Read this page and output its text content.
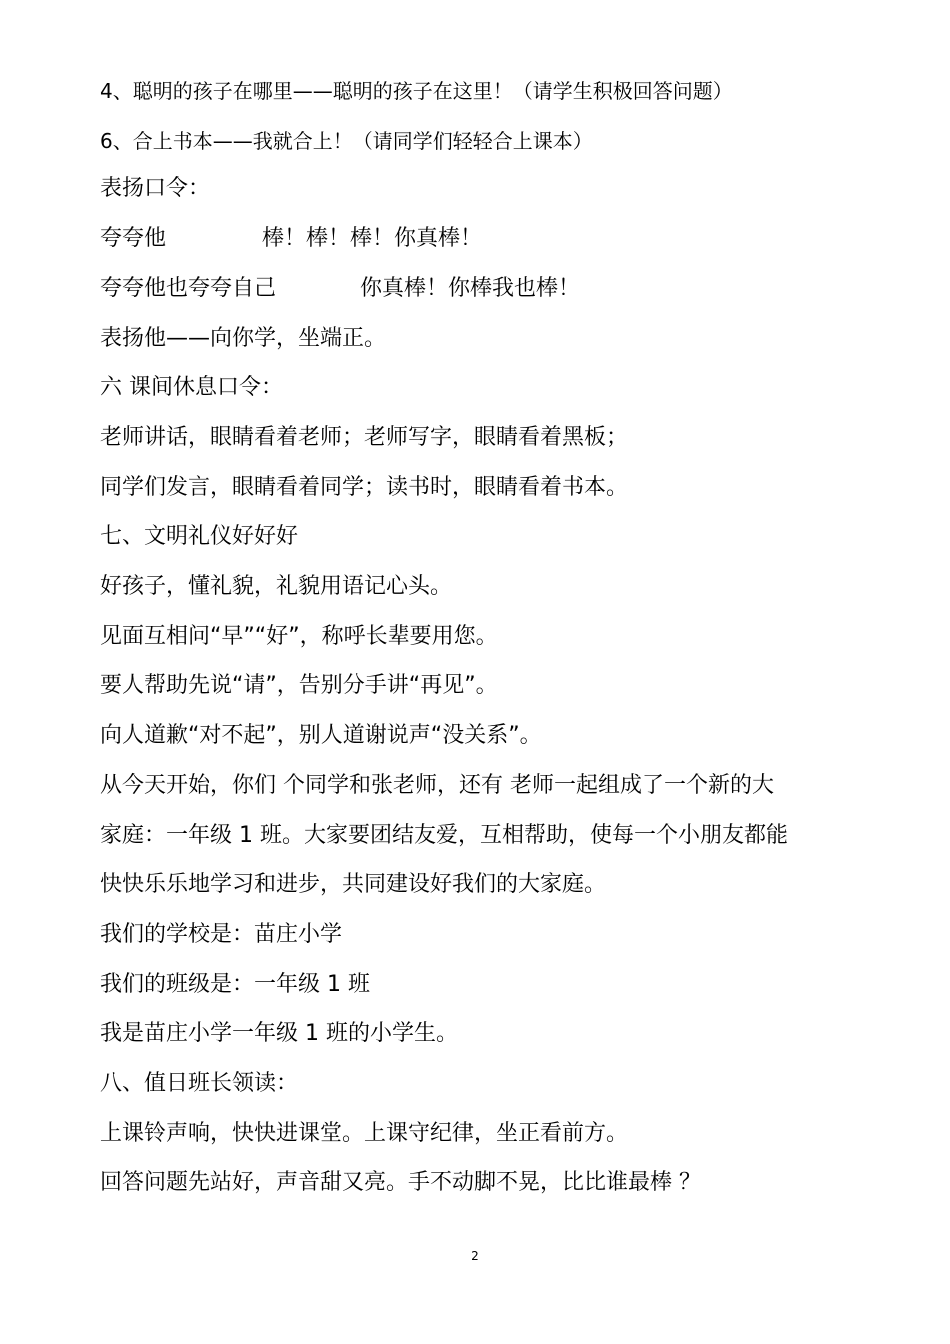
4、聪明的孩子在哪里——聪明的孩子在这里！（请学生积极回答问题）
6、合上书本——我就合上！（请同学们轻轻合上课本）
表扬口令：
夸夸他	棒！棒！棒！你真棒！
夸夸他也夸夸自己	你真棒！你棒我也棒！
表扬他——向你学，坐端正。
六 课间休息口令：
老师讲话，眼睛看着老师；老师写字，眼睛看着黑板；
同学们发言，眼睛看着同学；读书时，眼睛看着书本。
七、文明礼仪好好好
好孩子，懂礼貌，礼貌用语记心头。
见面互相问“早”“好”，称呼长辈要用您。
要人帮助先说“请”，告别分手讲“再见”。
向人道歉“对不起”，别人道谢说声“没关系”。
从今天开始，你们 个同学和张老师，还有 老师一起组成了一个新的大
家庭：一年级 1 班。大家要团结友爱，互相帮助，使每一个小朋友都能
快快乐乐地学习和进步，共同建设好我们的大家庭。
我们的学校是：苗庄小学
我们的班级是：一年级 1 班
我是苗庄小学一年级 1 班的小学生。
八、值日班长领读：
上课铃声响，快快进课堂。上课守纪律，坐正看前方。
回答问题先站好，声音甜又亮。手不动脚不晃，比比谁最棒 ？
2
